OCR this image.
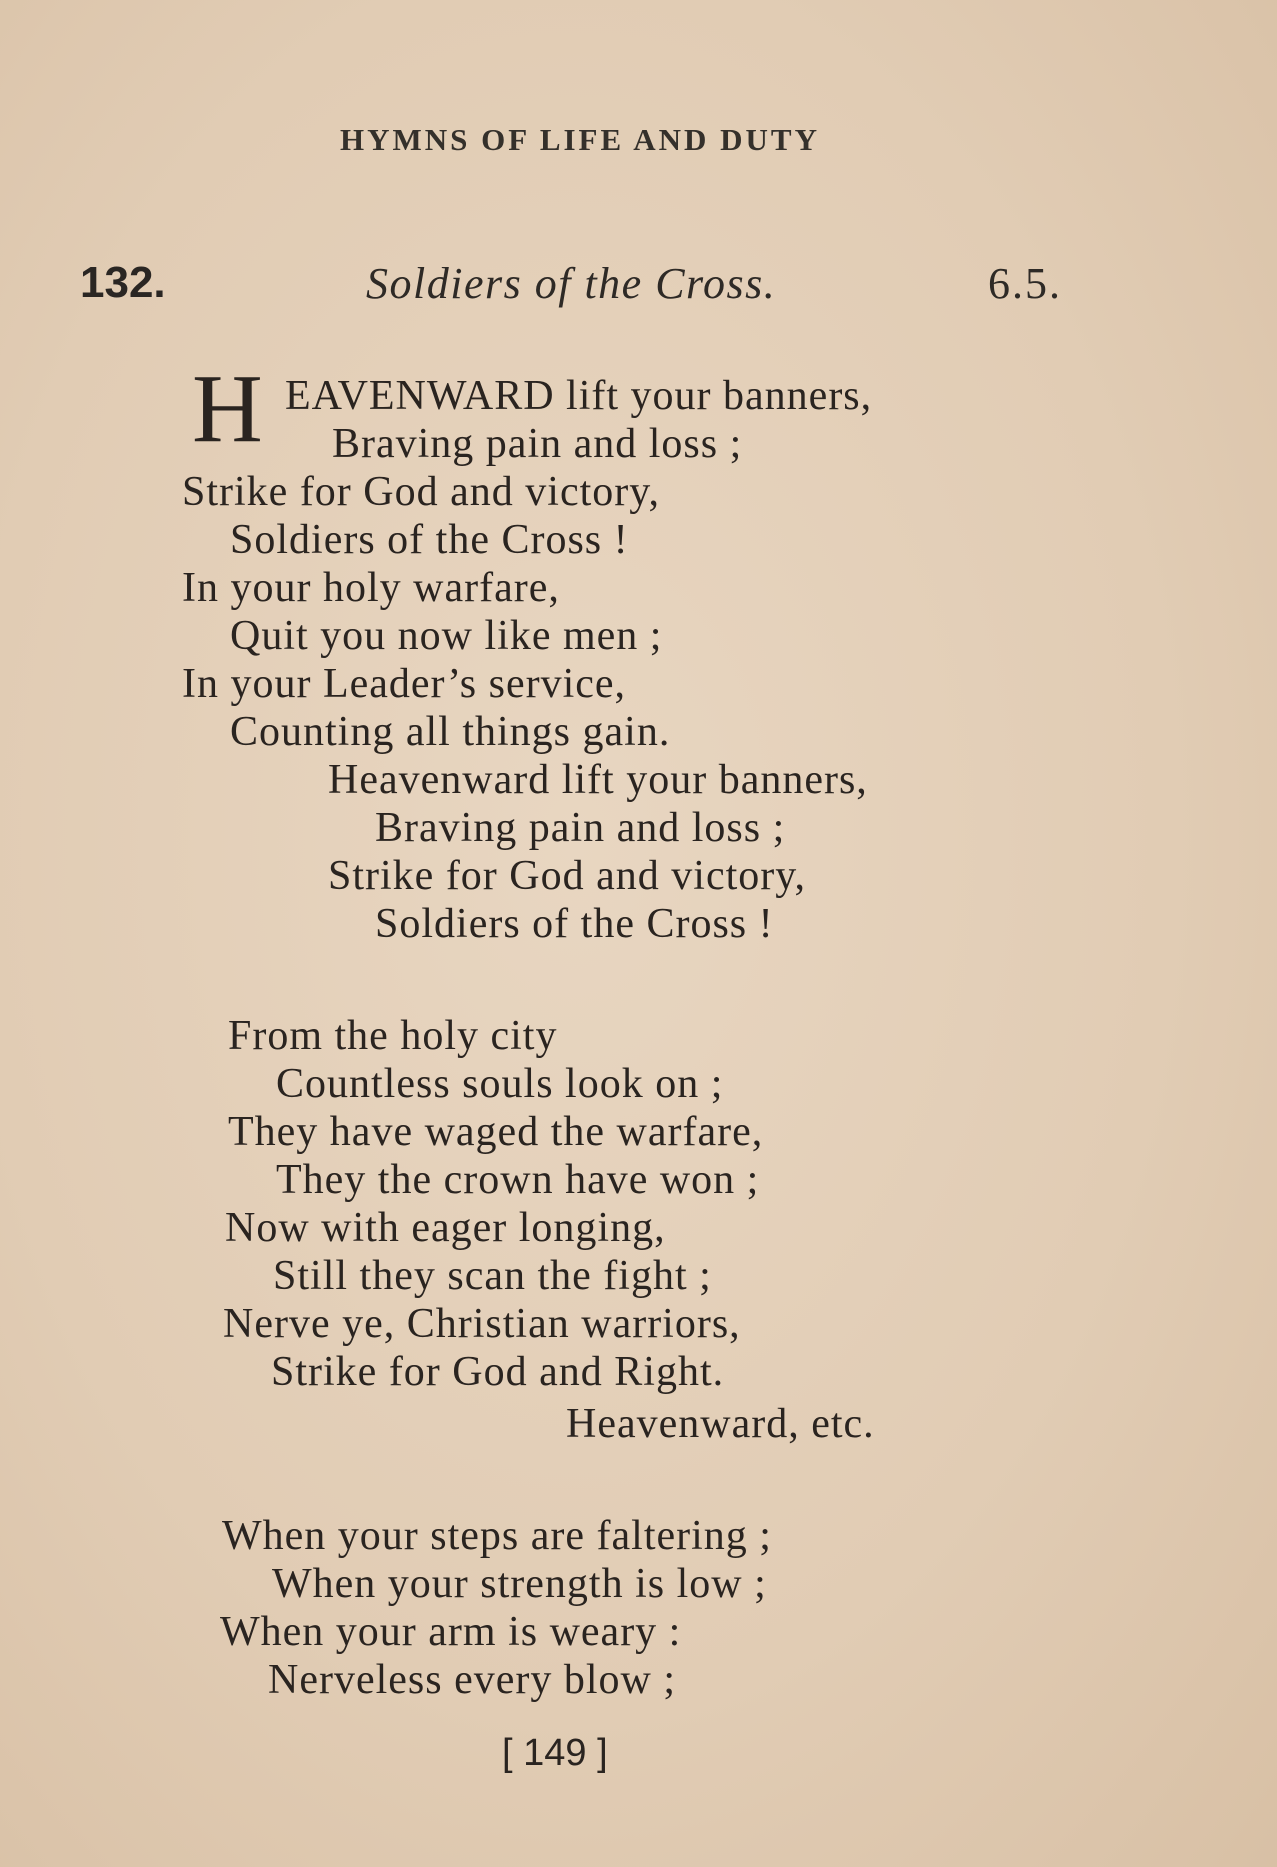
HYMNS OF LIFE AND DUTY
132.	Soldiers of the Cross.	6.5.
H EAVENWARD lift your banners,
Braving pain and loss ;
Strike for God and victory,
Soldiers of the Cross !
In your holy warfare,
Quit you now like men ;
In your Leader’s service,
Counting all things gain.
Heavenward lift your banners,
Braving pain and loss ;
Strike for God and victory,
Soldiers of the Cross !
From the holy city
Countless souls look on ;
They have waged the warfare,
They the crown have won ;
Now with eager longing,
Still they scan the fight ;
Nerve ye, Christian warriors,
Strike for God and Right.
Heavenward, etc.
When your steps are faltering ;
When your strength is low ;
When your arm is weary :
Nerveless every blow ;
[ 149 ]
